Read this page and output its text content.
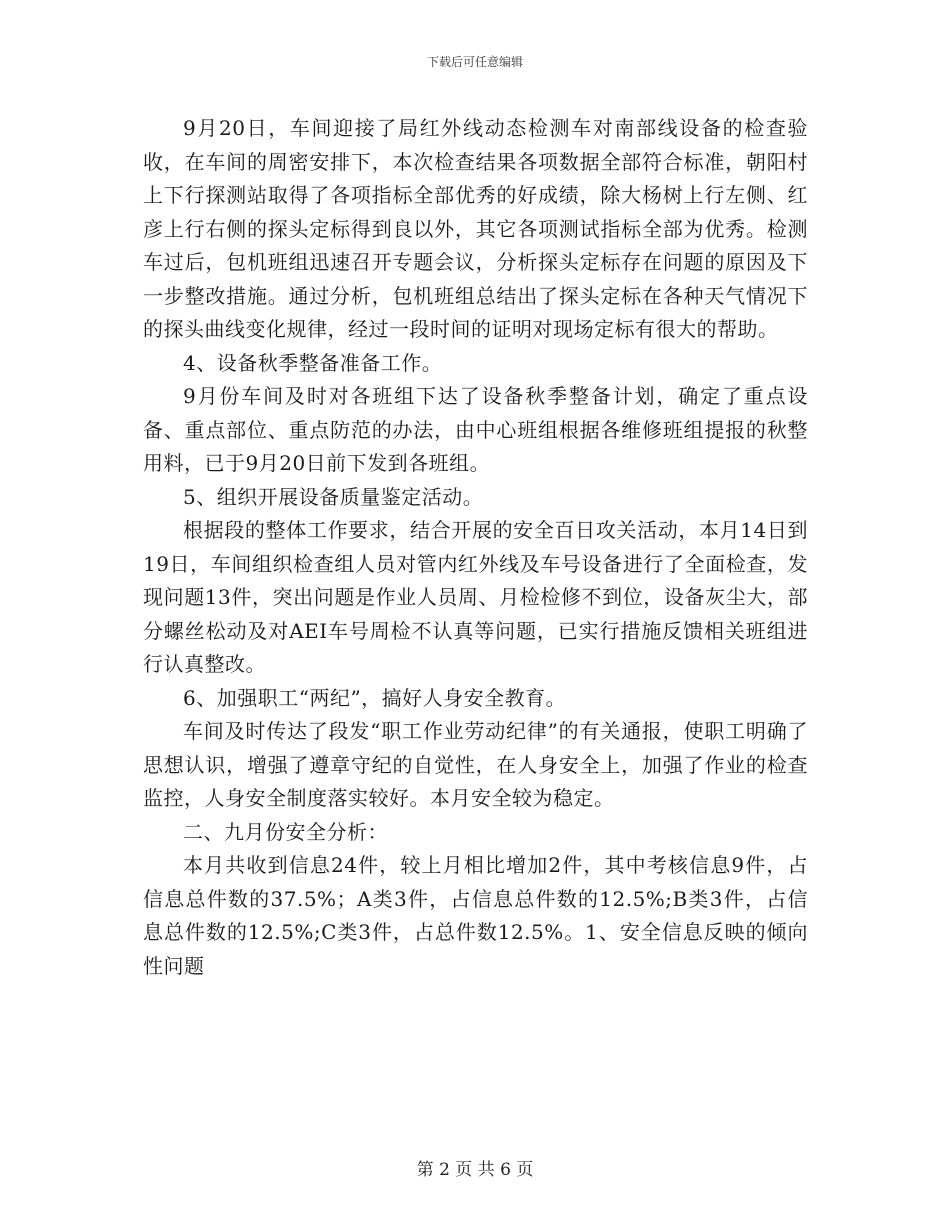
下载后可任意编辑

9月20日，车间迎接了局红外线动态检测车对南部线设备的检查验收，在车间的周密安排下，本次检查结果各项数据全部符合标准，朝阳村上下行探测站取得了各项指标全部优秀的好成绩，除大杨树上行左侧、红彦上行右侧的探头定标得到良以外，其它各项测试指标全部为优秀。检测车过后，包机班组迅速召开专题会议，分析探头定标存在问题的原因及下一步整改措施。通过分析，包机班组总结出了探头定标在各种天气情况下的探头曲线变化规律，经过一段时间的证明对现场定标有很大的帮助。

4、设备秋季整备准备工作。

9月份车间及时对各班组下达了设备秋季整备计划，确定了重点设备、重点部位、重点防范的办法，由中心班组根据各维修班组提报的秋整用料，已于9月20日前下发到各班组。

5、组织开展设备质量鉴定活动。

根据段的整体工作要求，结合开展的安全百日攻关活动，本月14日到19日，车间组织检查组人员对管内红外线及车号设备进行了全面检查，发现问题13件，突出问题是作业人员周、月检检修不到位，设备灰尘大，部分螺丝松动及对AEI车号周检不认真等问题，已实行措施反馈相关班组进行认真整改。

6、加强职工“两纪”，搞好人身安全教育。

车间及时传达了段发“职工作业劳动纪律”的有关通报，使职工明确了思想认识，增强了遵章守纪的自觉性，在人身安全上，加强了作业的检查监控，人身安全制度落实较好。本月安全较为稳定。

二、九月份安全分析：

本月共收到信息24件，较上月相比增加2件，其中考核信息9件，占信息总件数的37.5%；A类3件，占信息总件数的12.5%;B类3件，占信息总件数的12.5%;C类3件，占总件数12.5%。1、安全信息反映的倾向性问题

第 2 页 共 6 页
